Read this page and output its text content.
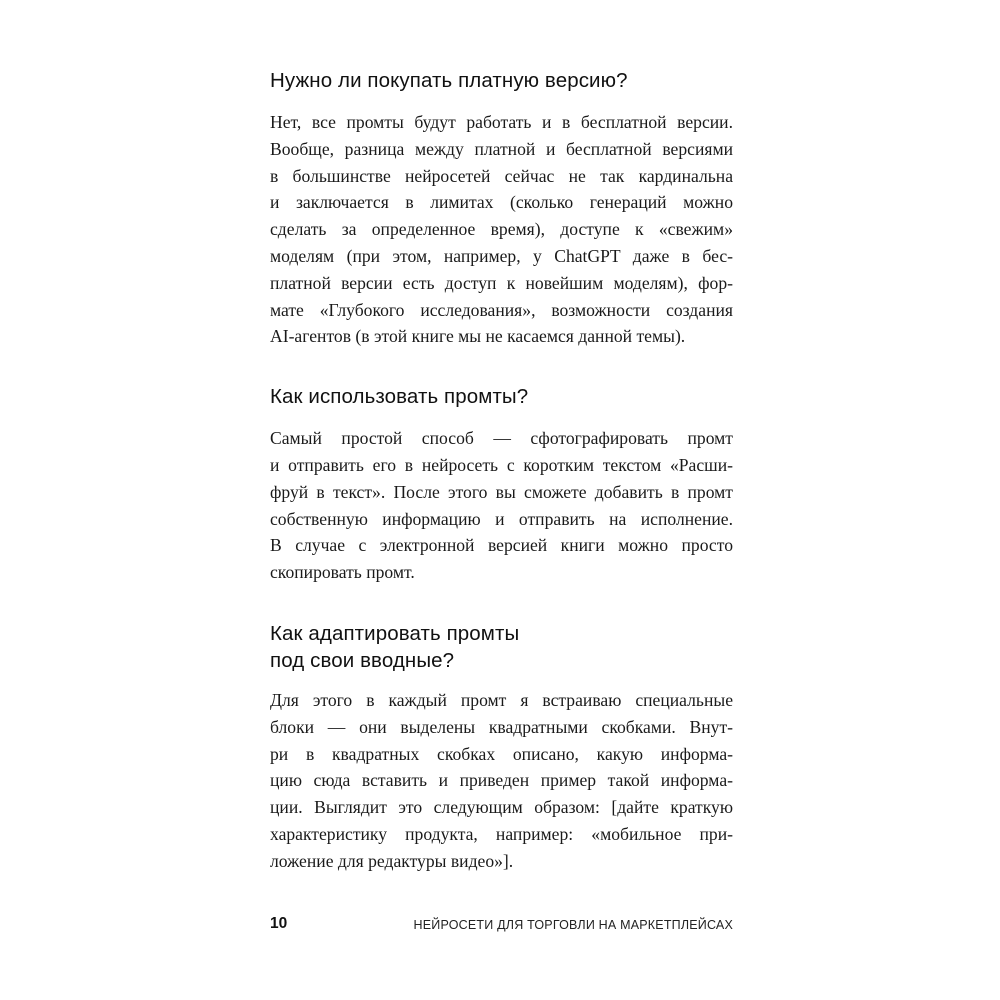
Нужно ли покупать платную версию?

Нет, все промты будут работать и в бесплатной версии.
Вообще, разница между платной и бесплатной версиями
в большинстве нейросетей сейчас не так кардинальна
и заключается в лимитах (сколько генераций можно
сделать за определенное время), доступе к «свежим»
моделям (при этом, например, у ChatGPT даже в бес-
платной версии есть доступ к новейшим моделям), фор-
мате «Глубокого исследования», возможности создания
AI-агентов (в этой книге мы не касаемся данной темы).

Как использовать промты?

Самый простой способ — сфотографировать промт
и отправить его в нейросеть с коротким текстом «Расши-
фруй в текст». После этого вы сможете добавить в промт
собственную информацию и отправить на исполнение.
В случае с электронной версией книги можно просто
скопировать промт.

Как адаптировать промты
под свои вводные?

Для этого в каждый промт я встраиваю специальные
блоки — они выделены квадратными скобками. Внут-
ри в квадратных скобках описано, какую информа-
цию сюда вставить и приведен пример такой информа-
ции. Выглядит это следующим образом: [дайте краткую
характеристику продукта, например: «мобильное при-
ложение для редактуры видео»].

10	НЕЙРОСЕТИ ДЛЯ ТОРГОВЛИ НА МАРКЕТПЛЕЙСАХ
